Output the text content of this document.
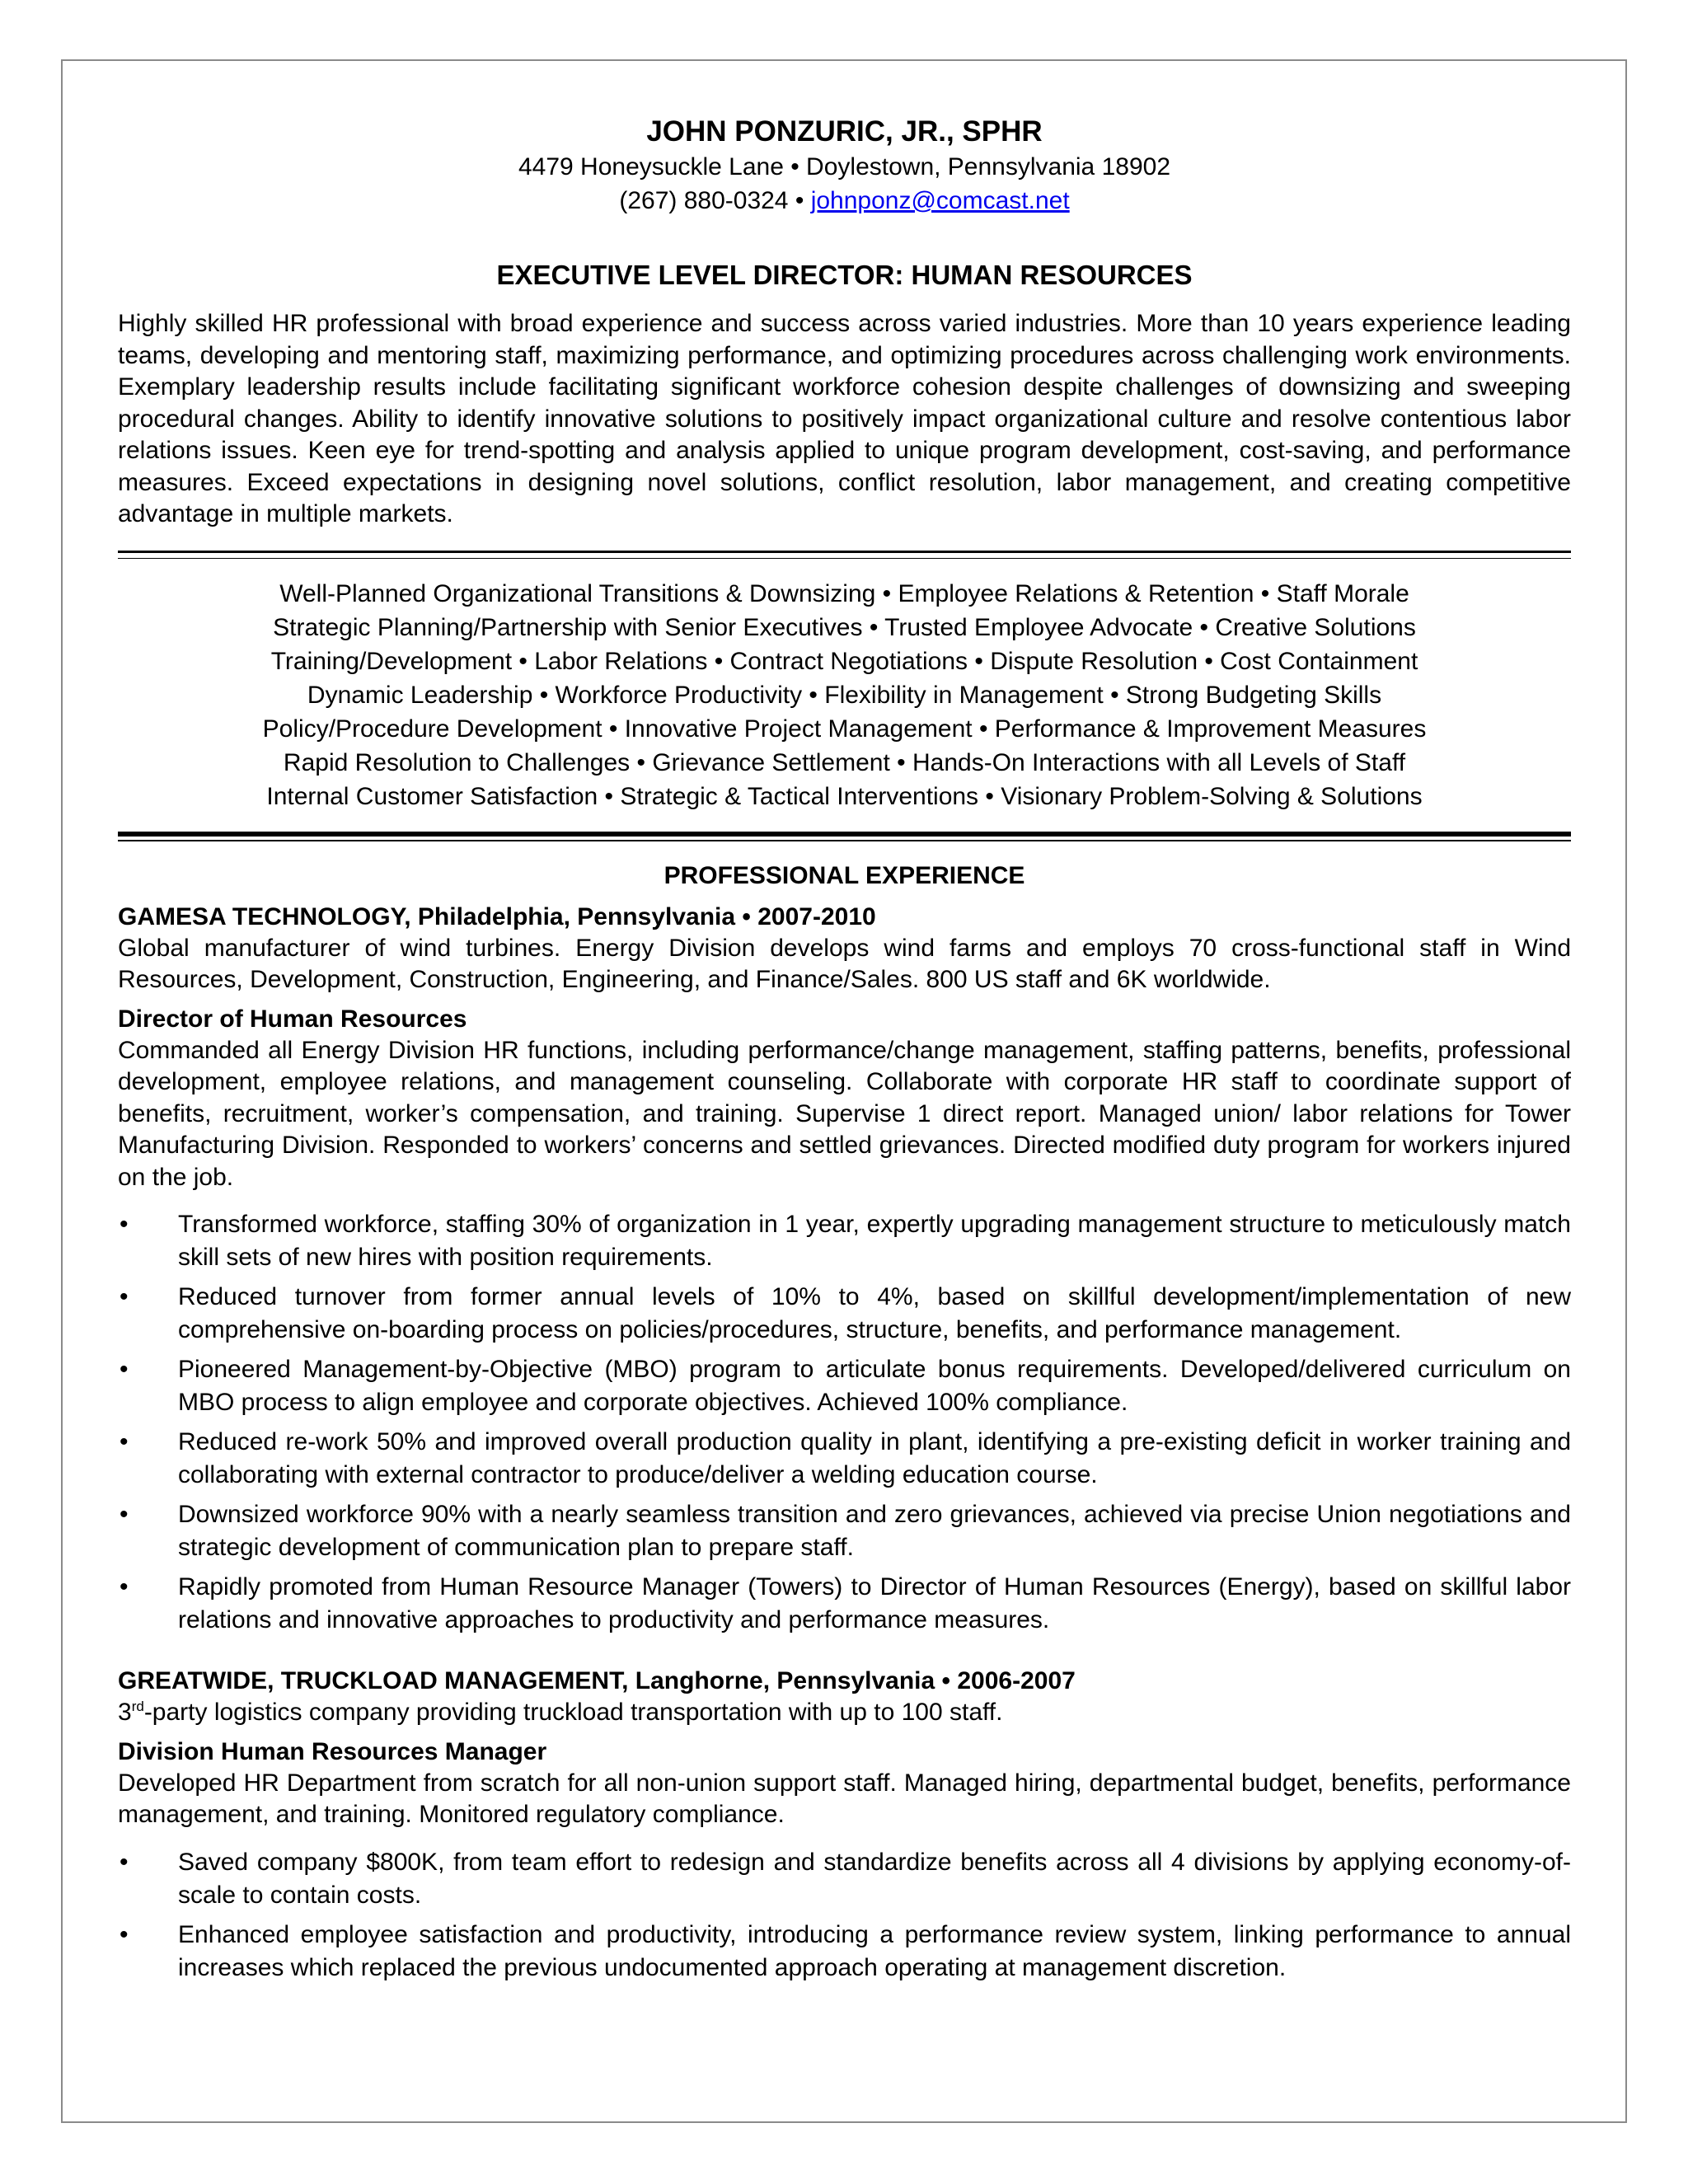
JOHN PONZURIC, JR., SPHR

4479 Honeysuckle Lane • Doylestown, Pennsylvania 18902

(267) 880-0324 • johnponz@comcast.net

EXECUTIVE LEVEL DIRECTOR: HUMAN RESOURCES

Highly skilled HR professional with broad experience and success across varied industries. More than 10 years experience leading teams, developing and mentoring staff, maximizing performance, and optimizing procedures across challenging work environments. Exemplary leadership results include facilitating significant workforce cohesion despite challenges of downsizing and sweeping procedural changes. Ability to identify innovative solutions to positively impact organizational culture and resolve contentious labor relations issues. Keen eye for trend-spotting and analysis applied to unique program development, cost-saving, and performance measures. Exceed expectations in designing novel solutions, conflict resolution, labor management, and creating competitive advantage in multiple markets.

Well-Planned Organizational Transitions & Downsizing • Employee Relations & Retention • Staff Morale
Strategic Planning/Partnership with Senior Executives • Trusted Employee Advocate • Creative Solutions
Training/Development • Labor Relations • Contract Negotiations • Dispute Resolution • Cost Containment
Dynamic Leadership • Workforce Productivity • Flexibility in Management • Strong Budgeting Skills
Policy/Procedure Development • Innovative Project Management • Performance & Improvement Measures
Rapid Resolution to Challenges • Grievance Settlement • Hands-On Interactions with all Levels of Staff
Internal Customer Satisfaction • Strategic & Tactical Interventions • Visionary Problem-Solving & Solutions

PROFESSIONAL EXPERIENCE

GAMESA TECHNOLOGY, Philadelphia, Pennsylvania • 2007-2010

Global manufacturer of wind turbines. Energy Division develops wind farms and employs 70 cross-functional staff in Wind Resources, Development, Construction, Engineering, and Finance/Sales. 800 US staff and 6K worldwide.

Director of Human Resources

Commanded all Energy Division HR functions, including performance/change management, staffing patterns, benefits, professional development, employee relations, and management counseling. Collaborate with corporate HR staff to coordinate support of benefits, recruitment, worker’s compensation, and training. Supervise 1 direct report. Managed union/ labor relations for Tower Manufacturing Division. Responded to workers’ concerns and settled grievances. Directed modified duty program for workers injured on the job.

• Transformed workforce, staffing 30% of organization in 1 year, expertly upgrading management structure to meticulously match skill sets of new hires with position requirements.
• Reduced turnover from former annual levels of 10% to 4%, based on skillful development/implementation of new comprehensive on-boarding process on policies/procedures, structure, benefits, and performance management.
• Pioneered Management-by-Objective (MBO) program to articulate bonus requirements. Developed/delivered curriculum on MBO process to align employee and corporate objectives. Achieved 100% compliance.
• Reduced re-work 50% and improved overall production quality in plant, identifying a pre-existing deficit in worker training and collaborating with external contractor to produce/deliver a welding education course.
• Downsized workforce 90% with a nearly seamless transition and zero grievances, achieved via precise Union negotiations and strategic development of communication plan to prepare staff.
• Rapidly promoted from Human Resource Manager (Towers) to Director of Human Resources (Energy), based on skillful labor relations and innovative approaches to productivity and performance measures.

GREATWIDE, TRUCKLOAD MANAGEMENT, Langhorne, Pennsylvania • 2006-2007

3rd-party logistics company providing truckload transportation with up to 100 staff.

Division Human Resources Manager

Developed HR Department from scratch for all non-union support staff. Managed hiring, departmental budget, benefits, performance management, and training. Monitored regulatory compliance.

• Saved company $800K, from team effort to redesign and standardize benefits across all 4 divisions by applying economy-of-scale to contain costs.
• Enhanced employee satisfaction and productivity, introducing a performance review system, linking performance to annual increases which replaced the previous undocumented approach operating at management discretion.
